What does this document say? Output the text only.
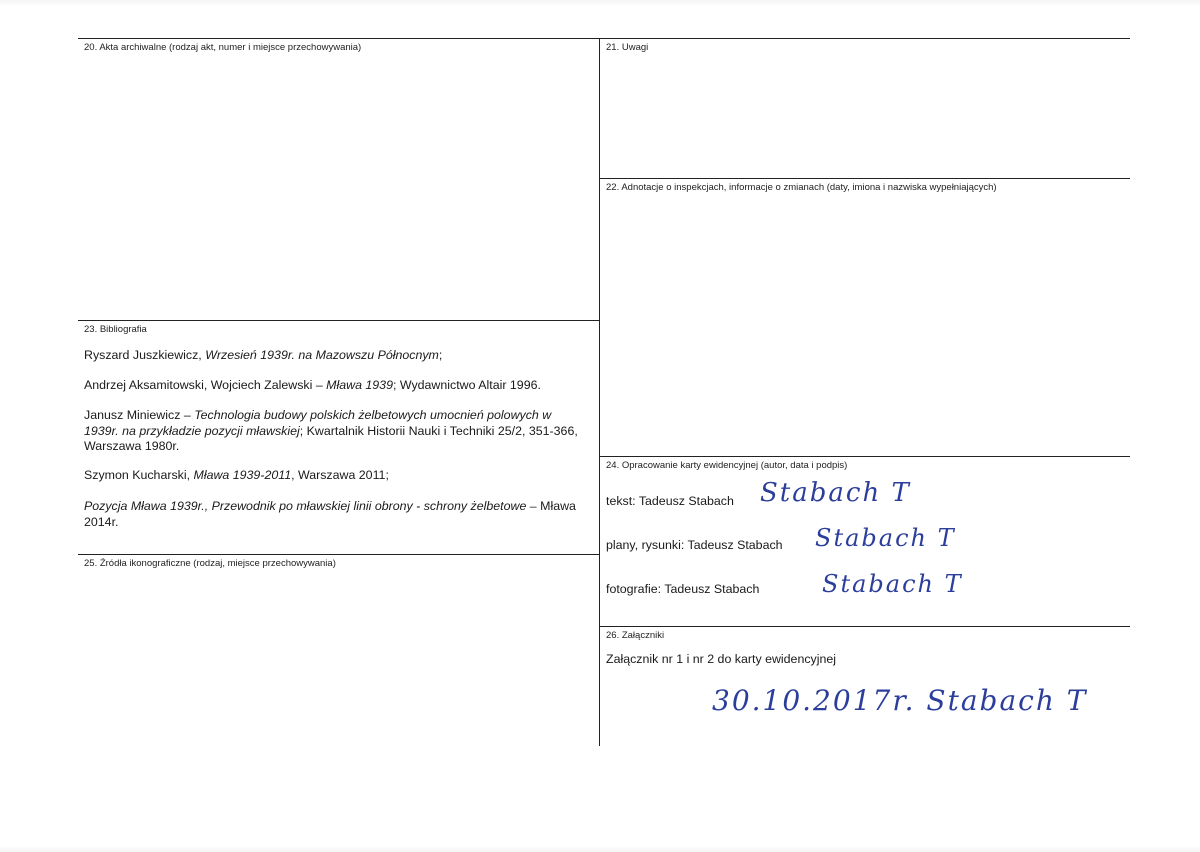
20. Akta archiwalne (rodzaj akt, numer i miejsce przechowywania)	21. Uwagi
22. Adnotacje o inspekcjach, informacje o zmianach (daty, imiona i nazwiska wypełniających)
23. Bibliografia
Ryszard Juszkiewicz, Wrzesień 1939r. na Mazowszu Północnym;
Andrzej Aksamitowski, Wojciech Zalewski – Mława 1939; Wydawnictwo Altair 1996.
Janusz Miniewicz – Technologia budowy polskich żelbetowych umocnień polowych w 1939r. na przykładzie pozycji mławskiej; Kwartalnik Historii Nauki i Techniki 25/2, 351-366, Warszawa 1980r.
Szymon Kucharski, Mława 1939-2011, Warszawa 2011;
Pozycja Mława 1939r., Przewodnik po mławskiej linii obrony - schrony żelbetowe – Mława 2014r.
24. Opracowanie karty ewidencyjnej (autor, data i podpis)
tekst: Tadeusz Stabach Stabach T
plany, rysunki: Tadeusz Stabach Stabach T
fotografie: Tadeusz Stabach	Stabach T
25. Źródła ikonograficzne (rodzaj, miejsce przechowywania)
26. Załączniki
Załącznik nr 1 i nr 2 do karty ewidencyjnej
30.10.2017r. Stabach T
